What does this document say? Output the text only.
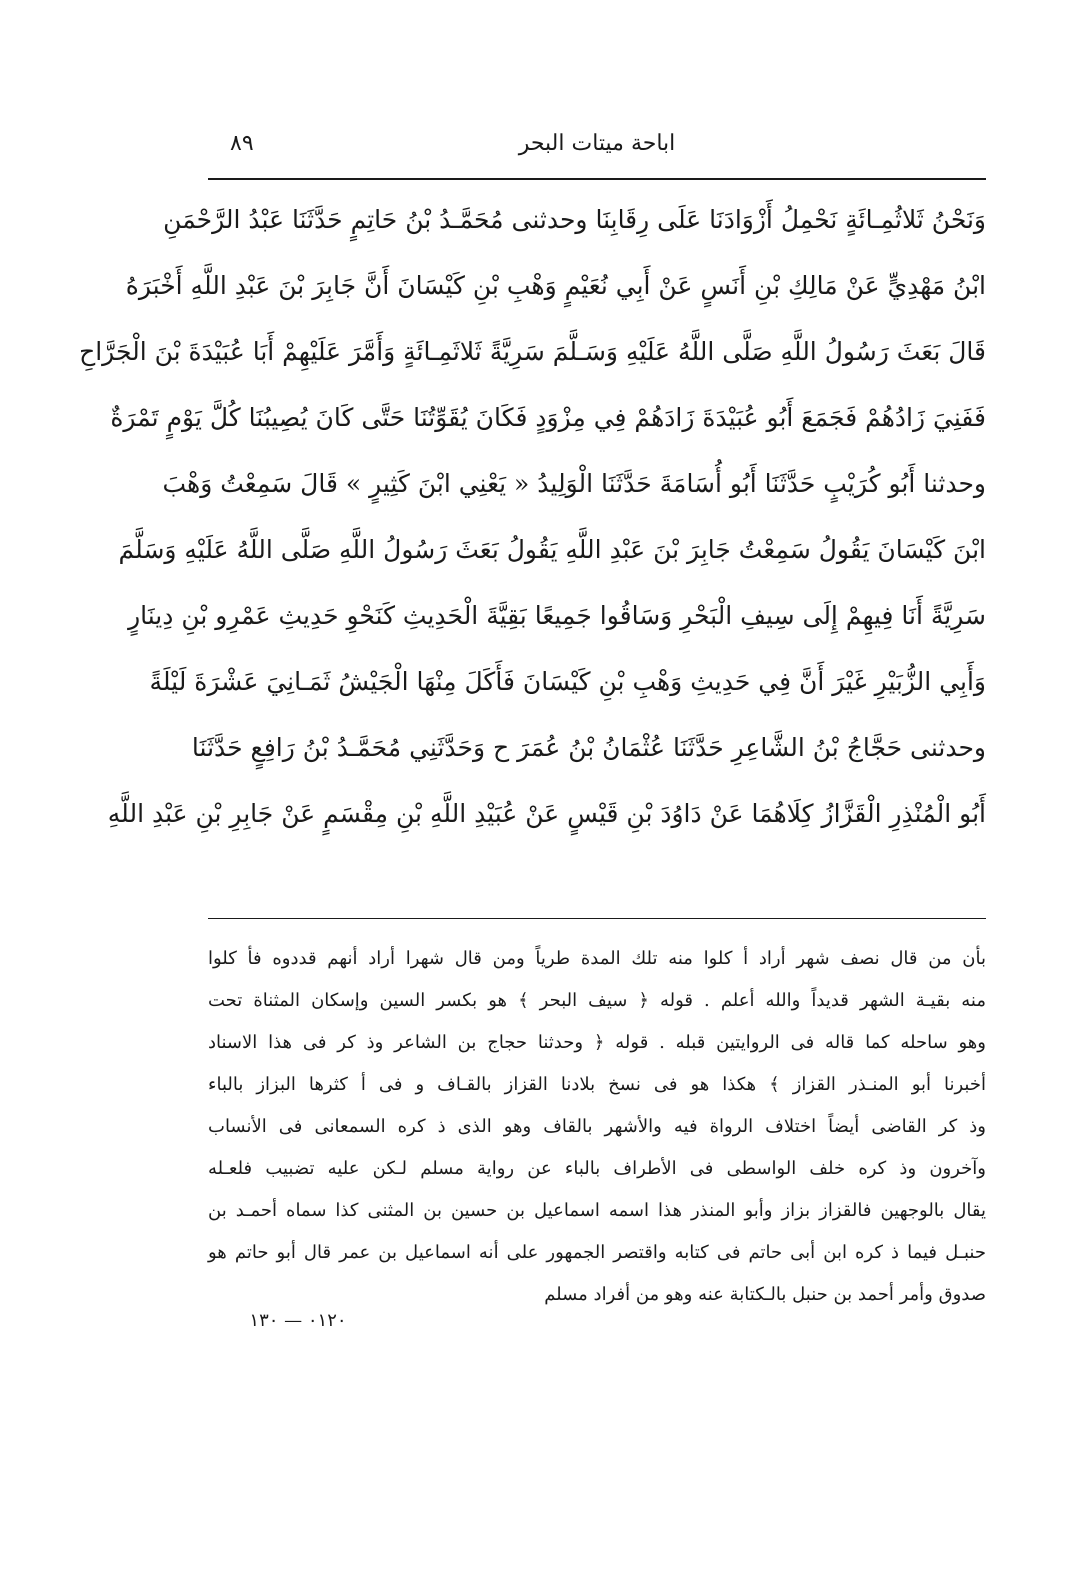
اباحة ميتات البحر
٨٩
وَنَحْنُ ثَلاثُمِـائَةٍ نَحْمِلُ أَزْوَادَنَا عَلَى رِقَابِنَا وحدثنى مُحَمَّـدُ بْنُ حَاتِمٍ حَدَّثَنَا عَبْدُ الرَّحْمَنِ
ابْنُ مَهْدِيٍّ عَنْ مَالِكِ بْنِ أَنَسٍ عَنْ أَبِي نُعَيْمٍ وَهْبِ بْنِ كَيْسَانَ أَنَّ جَابِرَ بْنَ عَبْدِ اللَّهِ أَخْبَرَهُ
قَالَ بَعَثَ رَسُولُ اللَّهِ صَلَّى اللَّهُ عَلَيْهِ وَسَـلَّمَ سَرِيَّةً ثَلاثَمِـائَةٍ وَأَمَّرَ عَلَيْهِمْ أَبَا عُبَيْدَةَ بْنَ الْجَرَّاحِ
فَفَنِيَ زَادُهُمْ فَجَمَعَ أَبُو عُبَيْدَةَ زَادَهُمْ فِي مِزْوَدٍ فَكَانَ يُقَوِّتُنَا حَتَّى كَانَ يُصِيبُنَا كُلَّ يَوْمٍ تَمْرَةٌ
وحدثنا أَبُو كُرَيْبٍ حَدَّثَنَا أَبُو أُسَامَةَ حَدَّثَنَا الْوَلِيدُ « يَعْنِي ابْنَ كَثِيرٍ » قَالَ سَمِعْتُ وَهْبَ
ابْنَ كَيْسَانَ يَقُولُ سَمِعْتُ جَابِرَ بْنَ عَبْدِ اللَّهِ يَقُولُ بَعَثَ رَسُولُ اللَّهِ صَلَّى اللَّهُ عَلَيْهِ وَسَلَّمَ
سَرِيَّةً أَنَا فِيهِمْ إِلَى سِيفِ الْبَحْرِ وَسَاقُوا جَمِيعًا بَقِيَّةَ الْحَدِيثِ كَنَحْوِ حَدِيثِ عَمْرِو بْنِ دِينَارٍ
وَأَبِي الزُّبَيْرِ غَيْرَ أَنَّ فِي حَدِيثِ وَهْبِ بْنِ كَيْسَانَ فَأَكَلَ مِنْهَا الْجَيْشُ ثَمَـانِيَ عَشْرَةَ لَيْلَةً
وحدثنى حَجَّاجُ بْنُ الشَّاعِرِ حَدَّثَنَا عُثْمَانُ بْنُ عُمَرَ ح وَحَدَّثَنِي مُحَمَّـدُ بْنُ رَافِعٍ حَدَّثَنَا
أَبُو الْمُنْذِرِ الْقَزَّازُ كِلَاهُمَا عَنْ دَاوُدَ بْنِ قَيْسٍ عَنْ عُبَيْدِ اللَّهِ بْنِ مِقْسَمٍ عَنْ جَابِرِ بْنِ عَبْدِ اللَّهِ
بأن من قال نصف شهر أراد أ كلوا منه تلك المدة طرياً ومن قال شهرا أراد أنهم قددوه فأ كلوا
منه بقيـة الشهر قديداً والله أعلم . قوله ﴿ سيف البحر ﴾ هو بكسر السين وإسكان المثناة تحت
وهو ساحله كما قاله فى الروايتين قبله . قوله ﴿ وحدثنا حجاج بن الشاعر وذ كر فى هذا الاسناد
أخبرنا أبو المنـذر القزاز ﴾ هكذا هو فى نسخ بلادنا القزاز بالقـاف و فى أ كثرها البزاز بالباء
وذ كر القاضى أيضاً اختلاف الرواة فيه والأشهر بالقاف وهو الذى ذ كره السمعانى فى الأنساب
وآخرون وذ كره خلف الواسطى فى الأطراف بالباء عن رواية مسلم لـكن عليه تضبيب فلعـله
يقال بالوجهين فالقزاز بزاز وأبو المنذر هذا اسمه اسماعيل بن حسين بن المثنى كذا سماه أحمـد بن
حنبـل فيما ذ كره ابن أبى حاتم فى كتابه واقتصر الجمهور على أنه اسماعيل بن عمر قال أبو حاتم هو
صدوق وأمر أحمد بن حنبل بالـكتابة عنه وهو من أفراد مسلم
٠١٢٠ — ١٣٠
